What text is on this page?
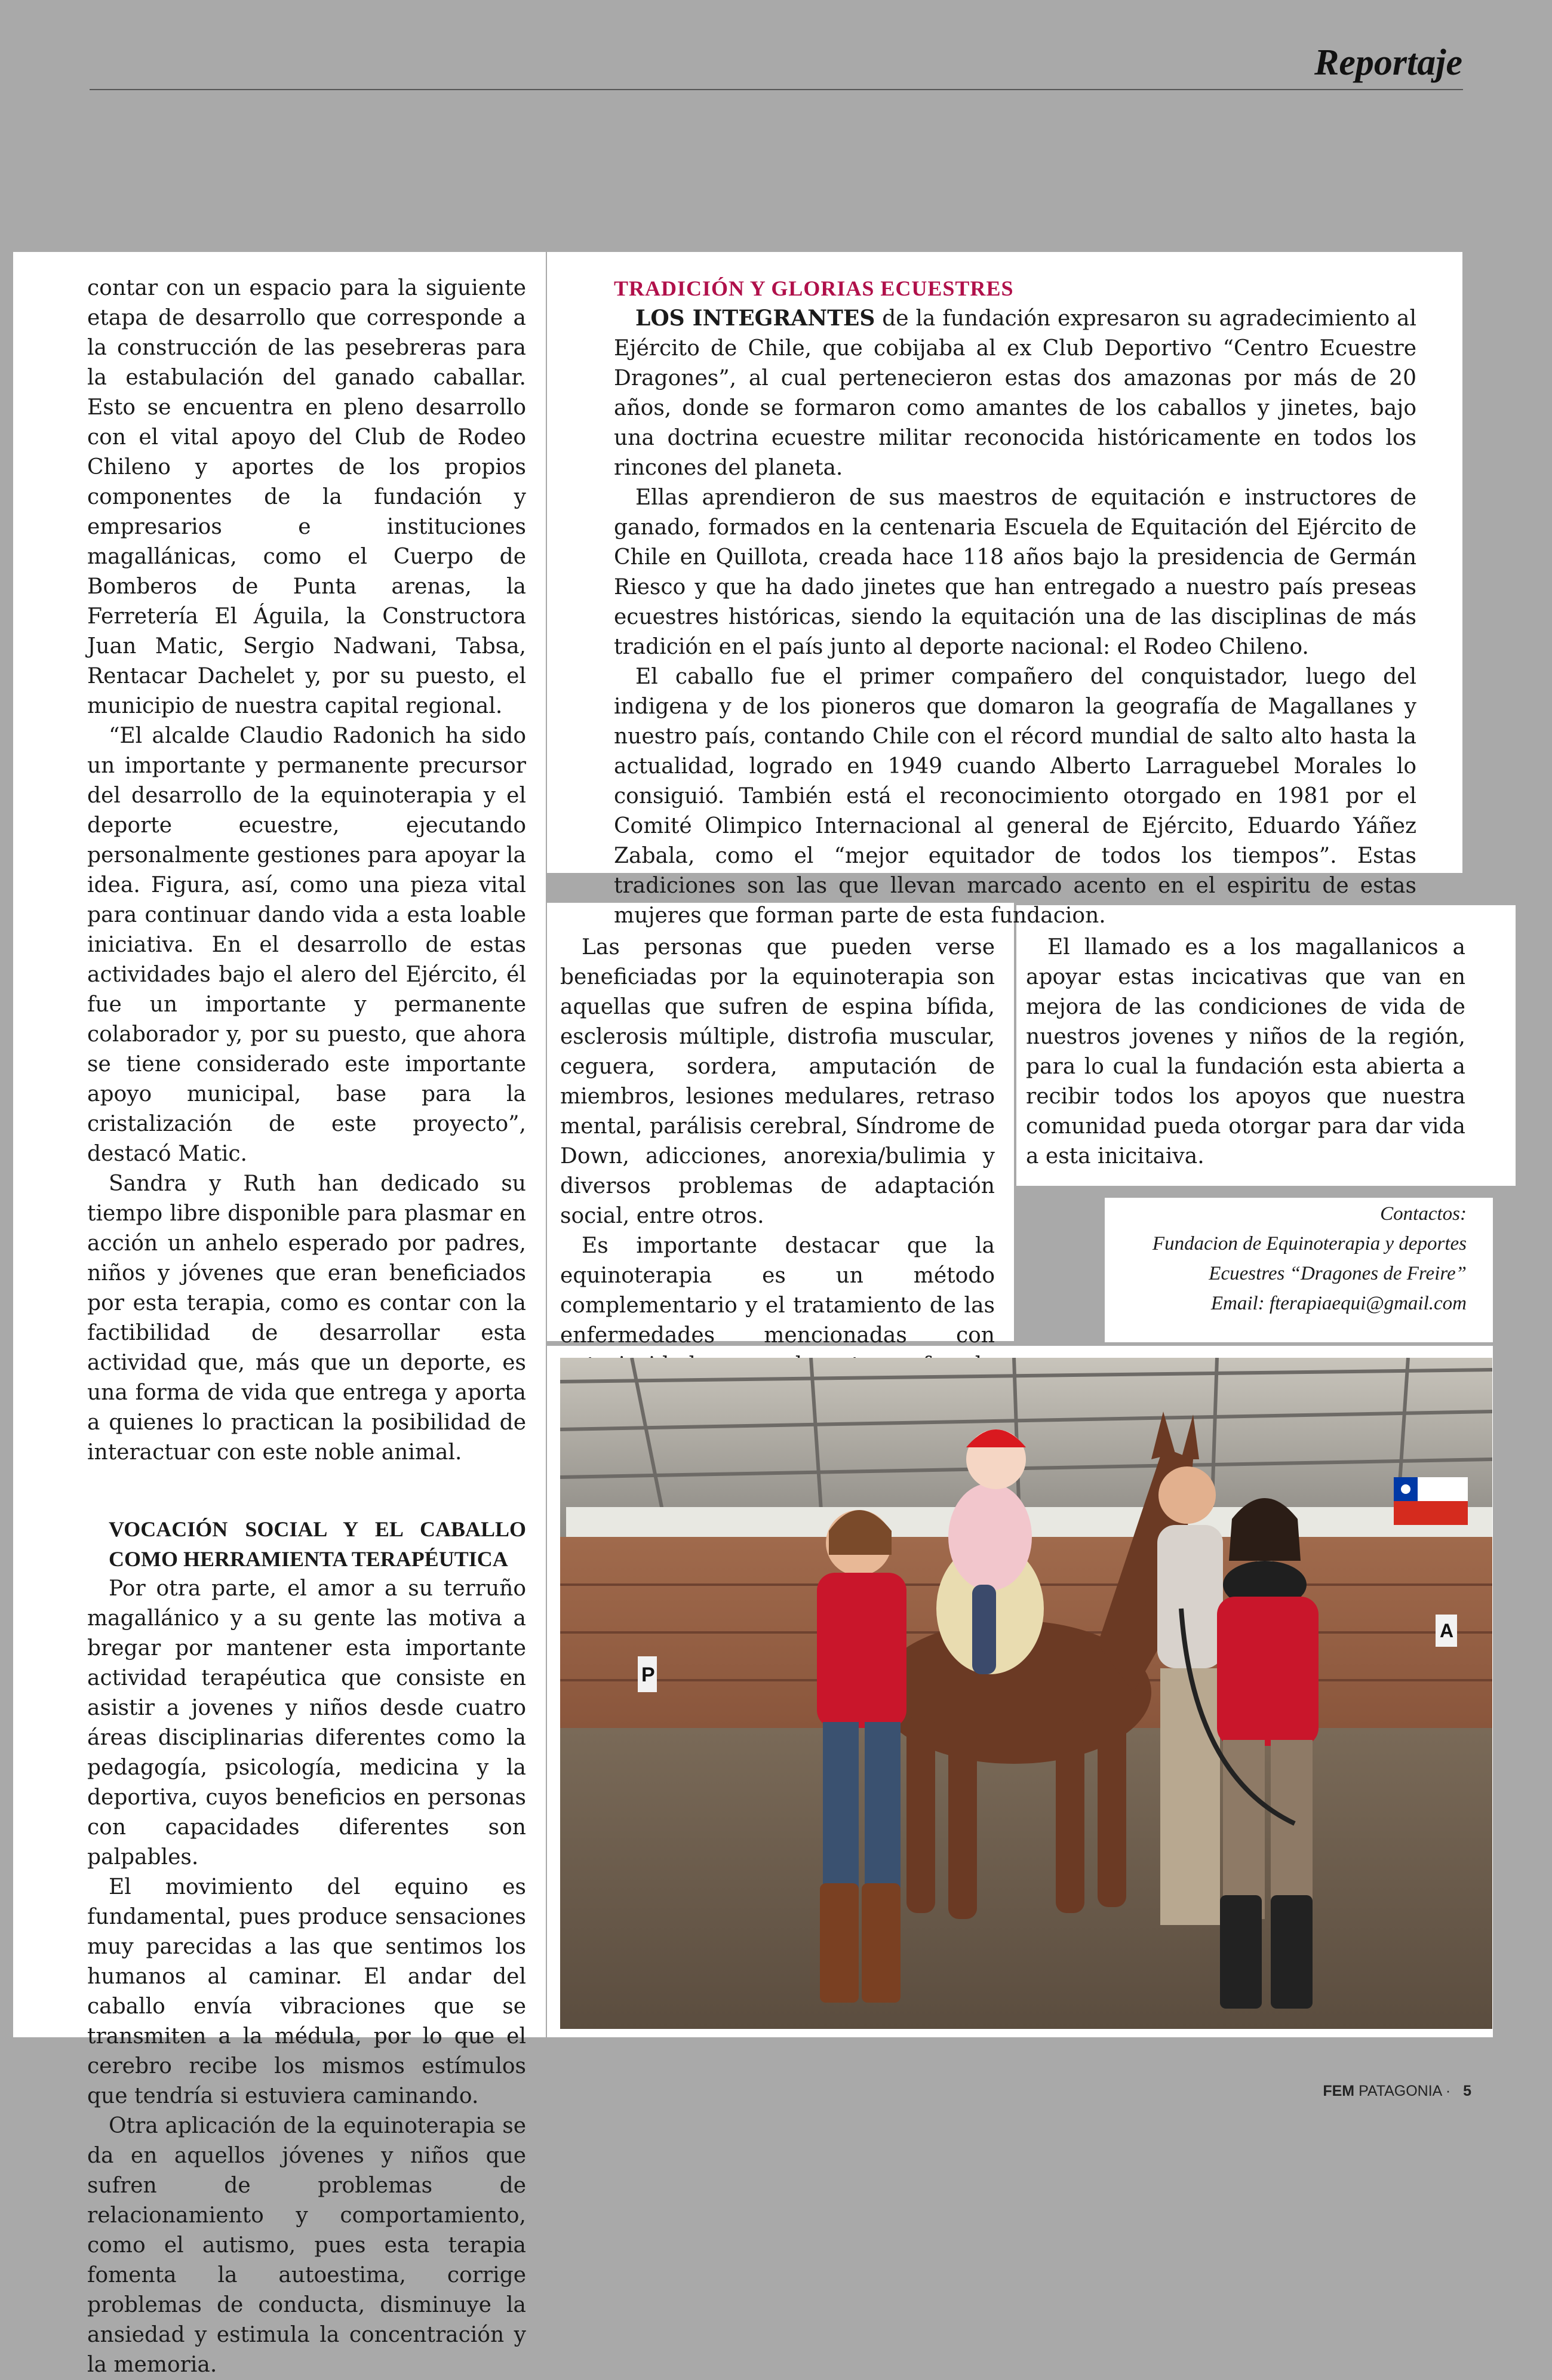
Reportaje

contar con un espacio para la siguiente etapa de desarrollo que corresponde a la construcción de las pesebreras para la estabulación del ganado caballar. Esto se encuentra en pleno desarrollo con el vital apoyo del Club de Rodeo Chileno y aportes de los propios componentes de la fundación y empresarios e instituciones magallánicas, como el Cuerpo de Bomberos de Punta arenas, la Ferretería El Águila, la Constructora Juan Matic, Sergio Nadwani, Tabsa, Rentacar Dachelet y, por su puesto, el municipio de nuestra capital regional.

“El alcalde Claudio Radonich ha sido un importante y permanente precursor del desarrollo de la equinoterapia y el deporte ecuestre, ejecutando personalmente gestiones para apoyar la idea. Figura, así, como una pieza vital para continuar dando vida a esta loable iniciativa. En el desarrollo de estas actividades bajo el alero del Ejército, él fue un importante y permanente colaborador y, por su puesto, que ahora se tiene considerado este importante apoyo municipal, base para la cristalización de este proyecto”, destacó Matic.

Sandra y Ruth han dedicado su tiempo libre disponible para plasmar en acción un anhelo esperado por padres, niños y jóvenes que eran beneficiados por esta terapia, como es contar con la factibilidad de desarrollar esta actividad que, más que un deporte, es una forma de vida que entrega y aporta a quienes lo practican la posibilidad de interactuar con este noble animal.

VOCACIÓN SOCIAL Y EL CABALLO COMO HERRAMIENTA TERAPÉUTICA

Por otra parte, el amor a su terruño magallánico y a su gente las motiva a bregar por mantener esta importante actividad terapéutica que consiste en asistir a jovenes y niños desde cuatro áreas disciplinarias diferentes como la pedagogía, psicología, medicina y la deportiva, cuyos beneficios en personas con capacidades diferentes son palpables.

El movimiento del equino es fundamental, pues produce sensaciones muy parecidas a las que sentimos los humanos al caminar. El andar del caballo envía vibraciones que se transmiten a la médula, por lo que el cerebro recibe los mismos estímulos que tendría si estuviera caminando.

Otra aplicación de la equinoterapia se da en aquellos jóvenes y niños que sufren de problemas de relacionamiento y comportamiento, como el autismo, pues esta terapia fomenta la autoestima, corrige problemas de conducta, disminuye la ansiedad y estimula la concentración y la memoria.

TRADICIÓN Y GLORIAS ECUESTRES

LOS INTEGRANTES de la fundación expresaron su agradecimiento al Ejército de Chile, que cobijaba al ex Club Deportivo “Centro Ecuestre Dragones”, al cual pertenecieron estas dos amazonas por más de 20 años, donde se formaron como amantes de los caballos y jinetes, bajo una doctrina ecuestre militar reconocida históricamente en todos los rincones del planeta.

Ellas aprendieron de sus maestros de equitación e instructores de ganado, formados en la centenaria Escuela de Equitación del Ejército de Chile en Quillota, creada hace 118 años bajo la presidencia de Germán Riesco y que ha dado jinetes que han entregado a nuestro país preseas ecuestres históricas, siendo la equitación una de las disciplinas de más tradición en el país junto al deporte nacional: el Rodeo Chileno.

El caballo fue el primer compañero del conquistador, luego del indigena y de los pioneros que domaron la geografía de Magallanes y nuestro país, contando Chile con el récord mundial de salto alto hasta la actualidad, logrado en 1949 cuando Alberto Larraguebel Morales lo consiguió. También está el reconocimiento otorgado en 1981 por el Comité Olimpico Internacional al general de Ejército, Eduardo Yáñez Zabala, como el “mejor equitador de todos los tiempos”. Estas tradiciones son las que llevan marcado acento en el espiritu de estas mujeres que forman parte de esta fundacion.

Las personas que pueden verse beneficiadas por la equinoterapia son aquellas que sufren de espina bífida, esclerosis múltiple, distrofia muscular, ceguera, sordera, amputación de miembros, lesiones medulares, retraso mental, parálisis cerebral, Síndrome de Down, adicciones, anorexia/bulimia y diversos problemas de adaptación social, entre otros.

Es importante destacar que la equinoterapia es un método complementario y el tratamiento de las enfermedades mencionadas con

El llamado es a los magallanicos a apoyar estas incicativas que van en mejora de las condiciones de vida de nuestros jovenes y niños de la región, para lo cual la fundación esta abierta a recibir todos los apoyos que nuestra comunidad pueda otorgar para dar vida a esta inicitaiva.

Contactos:

Fundacion de Equinoterapia y deportes

Ecuestres “Dragones de Freire”

Email: fterapiaequi@gmail.com

P
A
FEM PATAGONIA · 5
